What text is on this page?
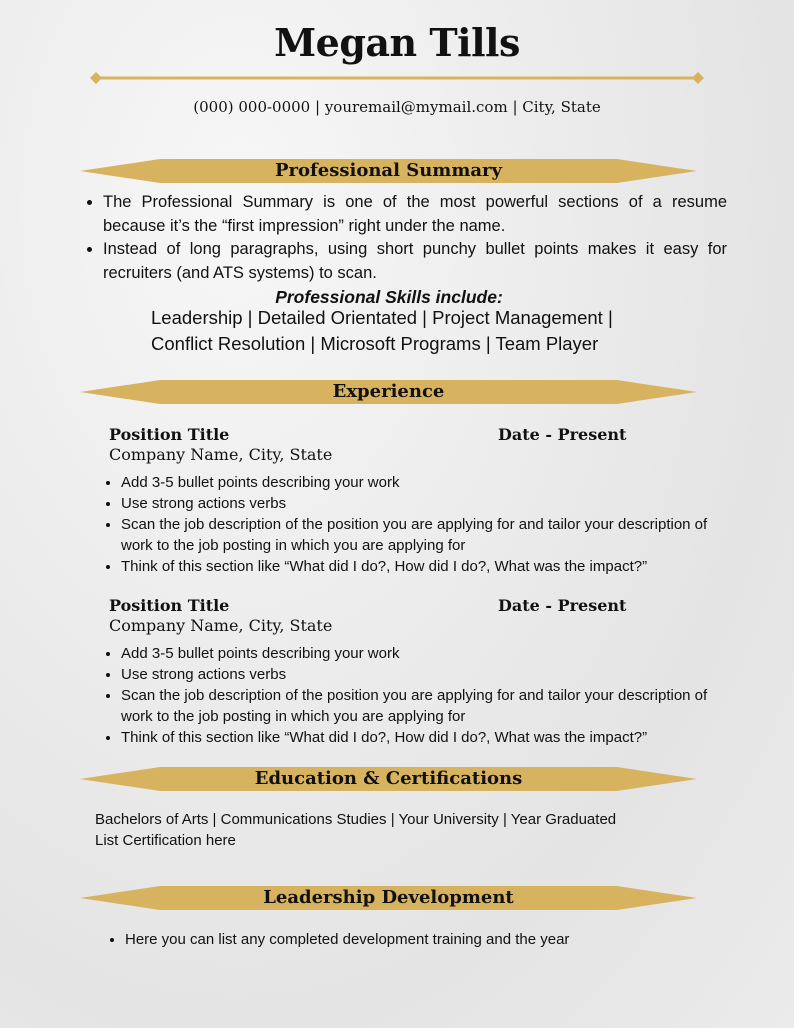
Megan Tills
(000) 000-0000 | youremail@mymail.com | City, State
Professional Summary
• The Professional Summary is one of the most powerful sections of a resume because it’s the “first impression” right under the name.
• Instead of long paragraphs, using short punchy bullet points makes it easy for recruiters (and ATS systems) to scan.
Professional Skills include:
Leadership | Detailed Orientated | Project Management |
Conflict Resolution | Microsoft Programs | Team Player
Experience
Position Title	Date - Present
Company Name, City, State
• Add 3-5 bullet points describing your work
• Use strong actions verbs
• Scan the job description of the position you are applying for and tailor your description of work to the job posting in which you are applying for
• Think of this section like “What did I do?, How did I do?, What was the impact?”
Position Title	Date - Present
Company Name, City, State
• Add 3-5 bullet points describing your work
• Use strong actions verbs
• Scan the job description of the position you are applying for and tailor your description of work to the job posting in which you are applying for
• Think of this section like “What did I do?, How did I do?, What was the impact?”
Education & Certifications
Bachelors of Arts | Communications Studies | Your University | Year Graduated
List Certification here
Leadership Development
• Here you can list any completed development training and the year
